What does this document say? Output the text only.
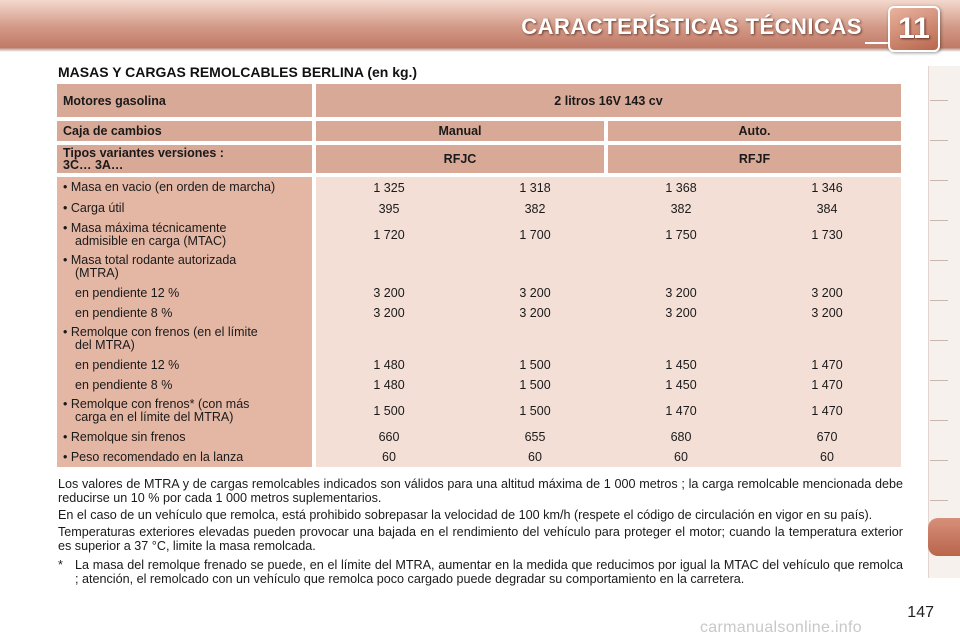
CARACTERÍSTICAS TÉCNICAS	11
MASAS Y CARGAS REMOLCABLES BERLINA (en kg.)
Motores gasolina	2 litros 16V 143 cv
Caja de cambios	Manual	Auto.
Tipos variantes versiones :
3C… 3A…	RFJC	RFJF
• Masa en vacio (en orden de marcha)	1 325	1 318	1 368	1 346
• Carga útil	395	382	382	384
• Masa máxima técnicamente
admisible en carga (MTAC)	1 720	1 700	1 750	1 730
• Masa total rodante autorizada
(MTRA)
en pendiente 12 %	3 200	3 200	3 200	3 200
en pendiente 8 %	3 200	3 200	3 200	3 200
• Remolque con frenos (en el límite
del MTRA)
en pendiente 12 %	1 480	1 500	1 450	1 470
en pendiente 8 %	1 480	1 500	1 450	1 470
• Remolque con frenos* (con más
carga en el límite del MTRA)	1 500	1 500	1 470	1 470
• Remolque sin frenos	660	655	680	670
• Peso recomendado en la lanza	60	60	60	60

Los valores de MTRA y de cargas remolcables indicados son válidos para una altitud máxima de 1 000 metros ; la carga remolcable mencionada debe reducirse un 10 % por cada 1 000 metros suplementarios.

En el caso de un vehículo que remolca, está prohibido sobrepasar la velocidad de 100 km/h (respete el código de circulación en vigor en su país).

Temperaturas exteriores elevadas pueden provocar una bajada en el rendimiento del vehículo para proteger el motor; cuando la temperatura exterior es superior a 37 °C, limite la masa remolcada.

* La masa del remolque frenado se puede, en el límite del MTRA, aumentar en la medida que reducimos por igual la MTAC del vehículo que remolca ; atención, el remolcado con un vehículo que remolca poco cargado puede degradar su comportamiento en la carretera.
147
carmanualsonline.info
